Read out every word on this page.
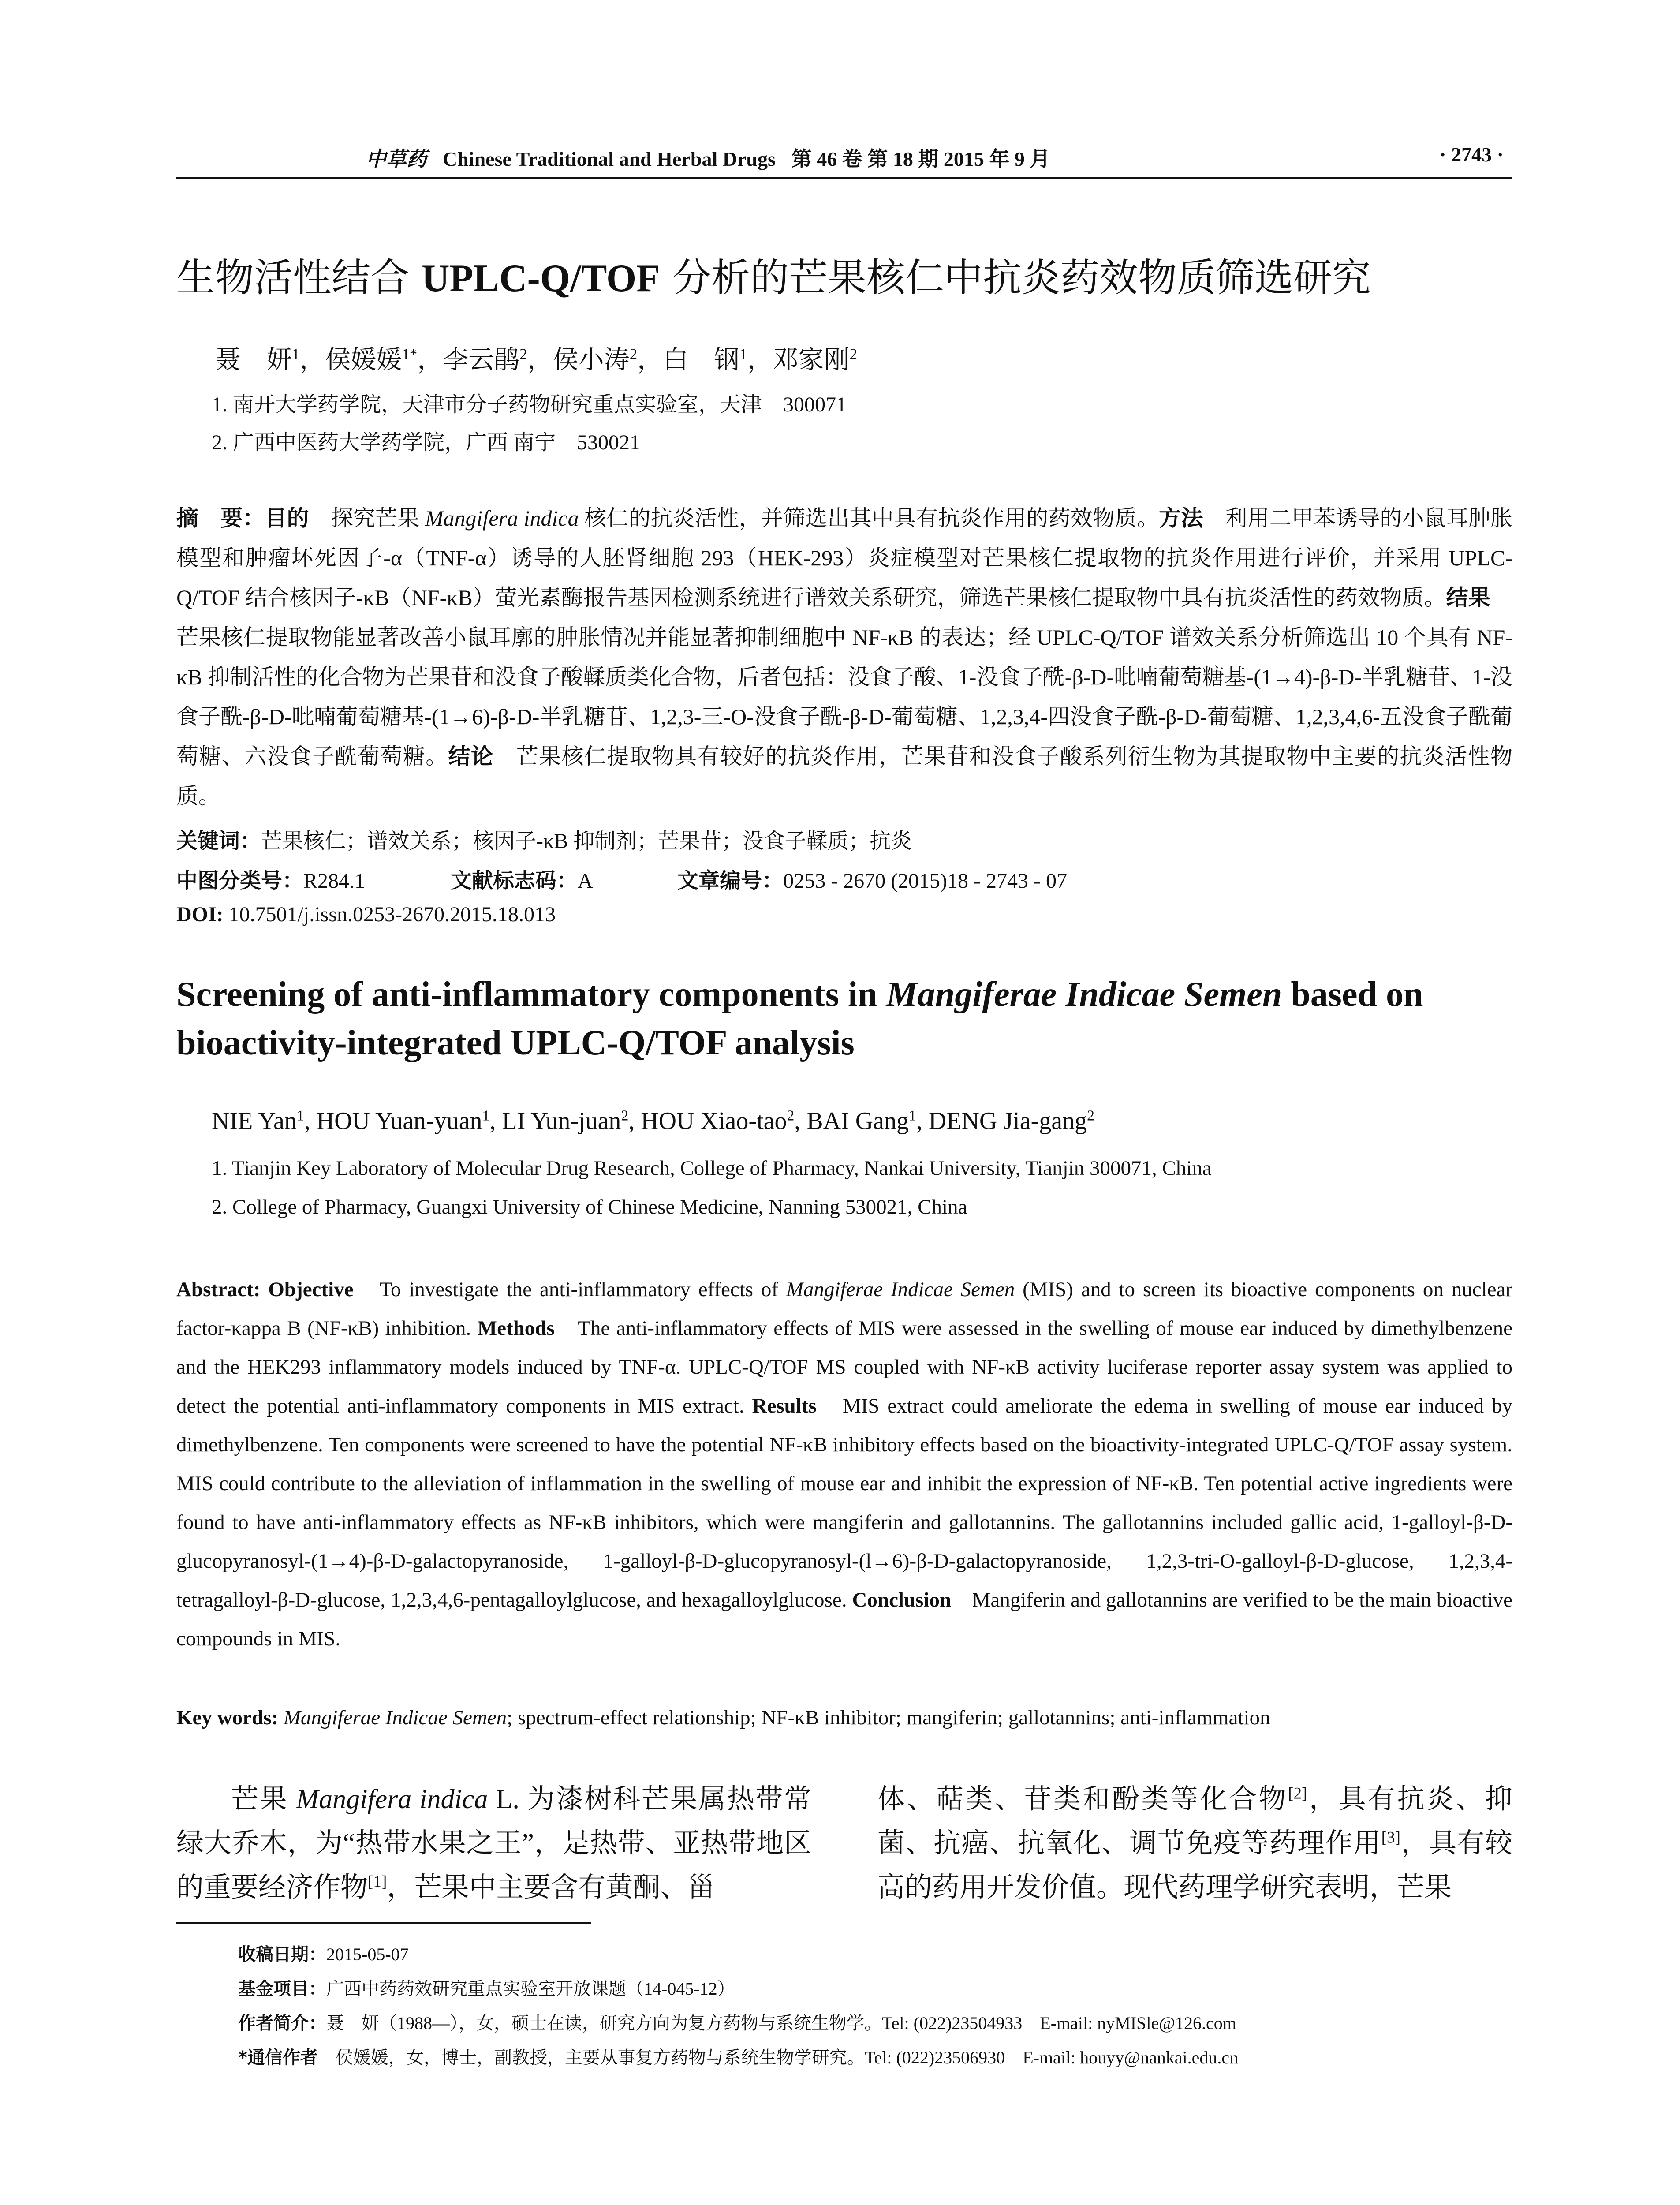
中草药 Chinese Traditional and Herbal Drugs 第 46 卷 第 18 期 2015 年 9 月	· 2743 ·
生物活性结合 UPLC-Q/TOF 分析的芒果核仁中抗炎药效物质筛选研究
聂　妍$^1$，侯媛媛$^{1*}$，李云鹃$^2$，侯小涛$^2$，白　钢$^1$，邓家刚$^2$
1. 南开大学药学院，天津市分子药物研究重点实验室，天津　300071
2. 广西中医药大学药学院，广西 南宁　530021
摘　要：目的　探究芒果 Mangifera indica 核仁的抗炎活性，并筛选出其中具有抗炎作用的药效物质。方法　利用二甲苯诱导的小鼠耳肿胀模型和肿瘤坏死因子-α（TNF-α）诱导的人胚肾细胞 293（HEK-293）炎症模型对芒果核仁提取物的抗炎作用进行评价，并采用 UPLC-Q/TOF 结合核因子-κB（NF-κB）萤光素酶报告基因检测系统进行谱效关系研究，筛选芒果核仁提取物中具有抗炎活性的药效物质。结果　芒果核仁提取物能显著改善小鼠耳廓的肿胀情况并能显著抑制细胞中 NF-κB 的表达；经 UPLC-Q/TOF 谱效关系分析筛选出 10 个具有 NF-κB 抑制活性的化合物为芒果苷和没食子酸鞣质类化合物，后者包括：没食子酸、1-没食子酰-β-D-吡喃葡萄糖基-(1→4)-β-D-半乳糖苷、1-没食子酰-β-D-吡喃葡萄糖基-(1→6)-β-D-半乳糖苷、1,2,3-三-O-没食子酰-β-D-葡萄糖、1,2,3,4-四没食子酰-β-D-葡萄糖、1,2,3,4,6-五没食子酰葡萄糖、六没食子酰葡萄糖。结论　芒果核仁提取物具有较好的抗炎作用，芒果苷和没食子酸系列衍生物为其提取物中主要的抗炎活性物质。
关键词：芒果核仁；谱效关系；核因子-κB 抑制剂；芒果苷；没食子鞣质；抗炎
中图分类号：R284.1	文献标志码：A	文章编号：0253 - 2670 (2015)18 - 2743 - 07
DOI: 10.7501/j.issn.0253-2670.2015.18.013
Screening of anti-inflammatory components in Mangiferae Indicae Semen based on bioactivity-integrated UPLC-Q/TOF analysis
NIE Yan$^1$, HOU Yuan-yuan$^1$, LI Yun-juan$^2$, HOU Xiao-tao$^2$, BAI Gang$^1$, DENG Jia-gang$^2$
1. Tianjin Key Laboratory of Molecular Drug Research, College of Pharmacy, Nankai University, Tianjin 300071, China
2. College of Pharmacy, Guangxi University of Chinese Medicine, Nanning 530021, China
Abstract: Objective　To investigate the anti-inflammatory effects of Mangiferae Indicae Semen (MIS) and to screen its bioactive components on nuclear factor-κappa B (NF-κB) inhibition. Methods　The anti-inflammatory effects of MIS were assessed in the swelling of mouse ear induced by dimethylbenzene and the HEK293 inflammatory models induced by TNF-α. UPLC-Q/TOF MS coupled with NF-κB activity luciferase reporter assay system was applied to detect the potential anti-inflammatory components in MIS extract. Results　MIS extract could ameliorate the edema in swelling of mouse ear induced by dimethylbenzene. Ten components were screened to have the potential NF-κB inhibitory effects based on the bioactivity-integrated UPLC-Q/TOF assay system. MIS could contribute to the alleviation of inflammation in the swelling of mouse ear and inhibit the expression of NF-κB. Ten potential active ingredients were found to have anti-inflammatory effects as NF-κB inhibitors, which were mangiferin and gallotannins. The gallotannins included gallic acid, 1-galloyl-β-D-glucopyranosyl-(1→4)-β-D-galactopyranoside, 1-galloyl-β-D-glucopyranosyl-(l→6)-β-D-galactopyranoside, 1,2,3-tri-O-galloyl-β-D-glucose, 1,2,3,4-tetragalloyl-β-D-glucose, 1,2,3,4,6-pentagalloylglucose, and hexagalloylglucose. Conclusion　Mangiferin and gallotannins are verified to be the main bioactive compounds in MIS.
Key words: Mangiferae Indicae Semen; spectrum-effect relationship; NF-κB inhibitor; mangiferin; gallotannins; anti-inflammation
芒果 Mangifera indica L. 为漆树科芒果属热带常绿大乔木，为“热带水果之王”，是热带、亚热带地区的重要经济作物[1]，芒果中主要含有黄酮、甾
体、萜类、苷类和酚类等化合物[2]，具有抗炎、抑菌、抗癌、抗氧化、调节免疫等药理作用[3]，具有较高的药用开发价值。现代药理学研究表明，芒果
收稿日期：2015-05-07
基金项目：广西中药药效研究重点实验室开放课题（14-045-12）
作者简介：聂　妍（1988—），女，硕士在读，研究方向为复方药物与系统生物学。Tel: (022)23504933　E-mail: nyMISle@126.com
*通信作者　侯媛媛，女，博士，副教授，主要从事复方药物与系统生物学研究。Tel: (022)23506930　E-mail: houyy@nankai.edu.cn
